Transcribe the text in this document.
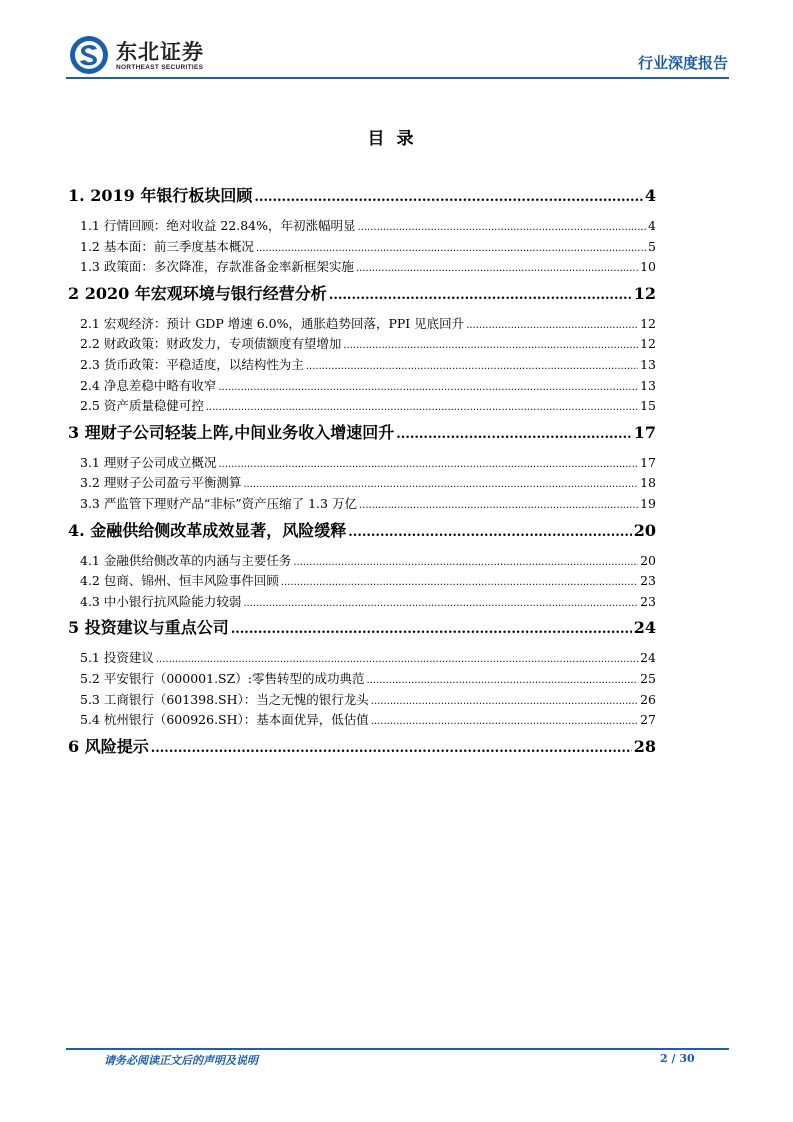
东北证券
NORTHEAST SECURITIES	行业深度报告
目录
1. 2019 年银行板块回顾 .....	4
1.1 行情回顾：绝对收益 22.84%，年初涨幅明显 .....	4
1.2 基本面：前三季度基本概况 .....	5
1.3 政策面：多次降准，存款准备金率新框架实施 .....	10
2 2020 年宏观环境与银行经营分析 .....	12
2.1 宏观经济：预计 GDP 增速 6.0%，通胀趋势回落，PPI 见底回升 .....	12
2.2 财政政策：财政发力，专项债额度有望增加 .....	12
2.3 货币政策：平稳适度，以结构性为主 .....	13
2.4 净息差稳中略有收窄 .....	13
2.5 资产质量稳健可控 .....	15
3 理财子公司轻装上阵,中间业务收入增速回升 .....	17
3.1 理财子公司成立概况 .....	17
3.2 理财子公司盈亏平衡测算 .....	18
3.3 严监管下理财产品“非标”资产压缩了 1.3 万亿 .....	19
4. 金融供给侧改革成效显著，风险缓释 .....	20
4.1 金融供给侧改革的内涵与主要任务 .....	20
4.2 包商、锦州、恒丰风险事件回顾 .....	23
4.3 中小银行抗风险能力较弱 .....	23
5 投资建议与重点公司 .....	24
5.1 投资建议 .....	24
5.2 平安银行（000001.SZ）:零售转型的成功典范 .....	25
5.3 工商银行（601398.SH）：当之无愧的银行龙头 .....	26
5.4 杭州银行（600926.SH）：基本面优异，低估值 .....	27
6 风险提示 .....	28
请务必阅读正文后的声明及说明	2 / 30
